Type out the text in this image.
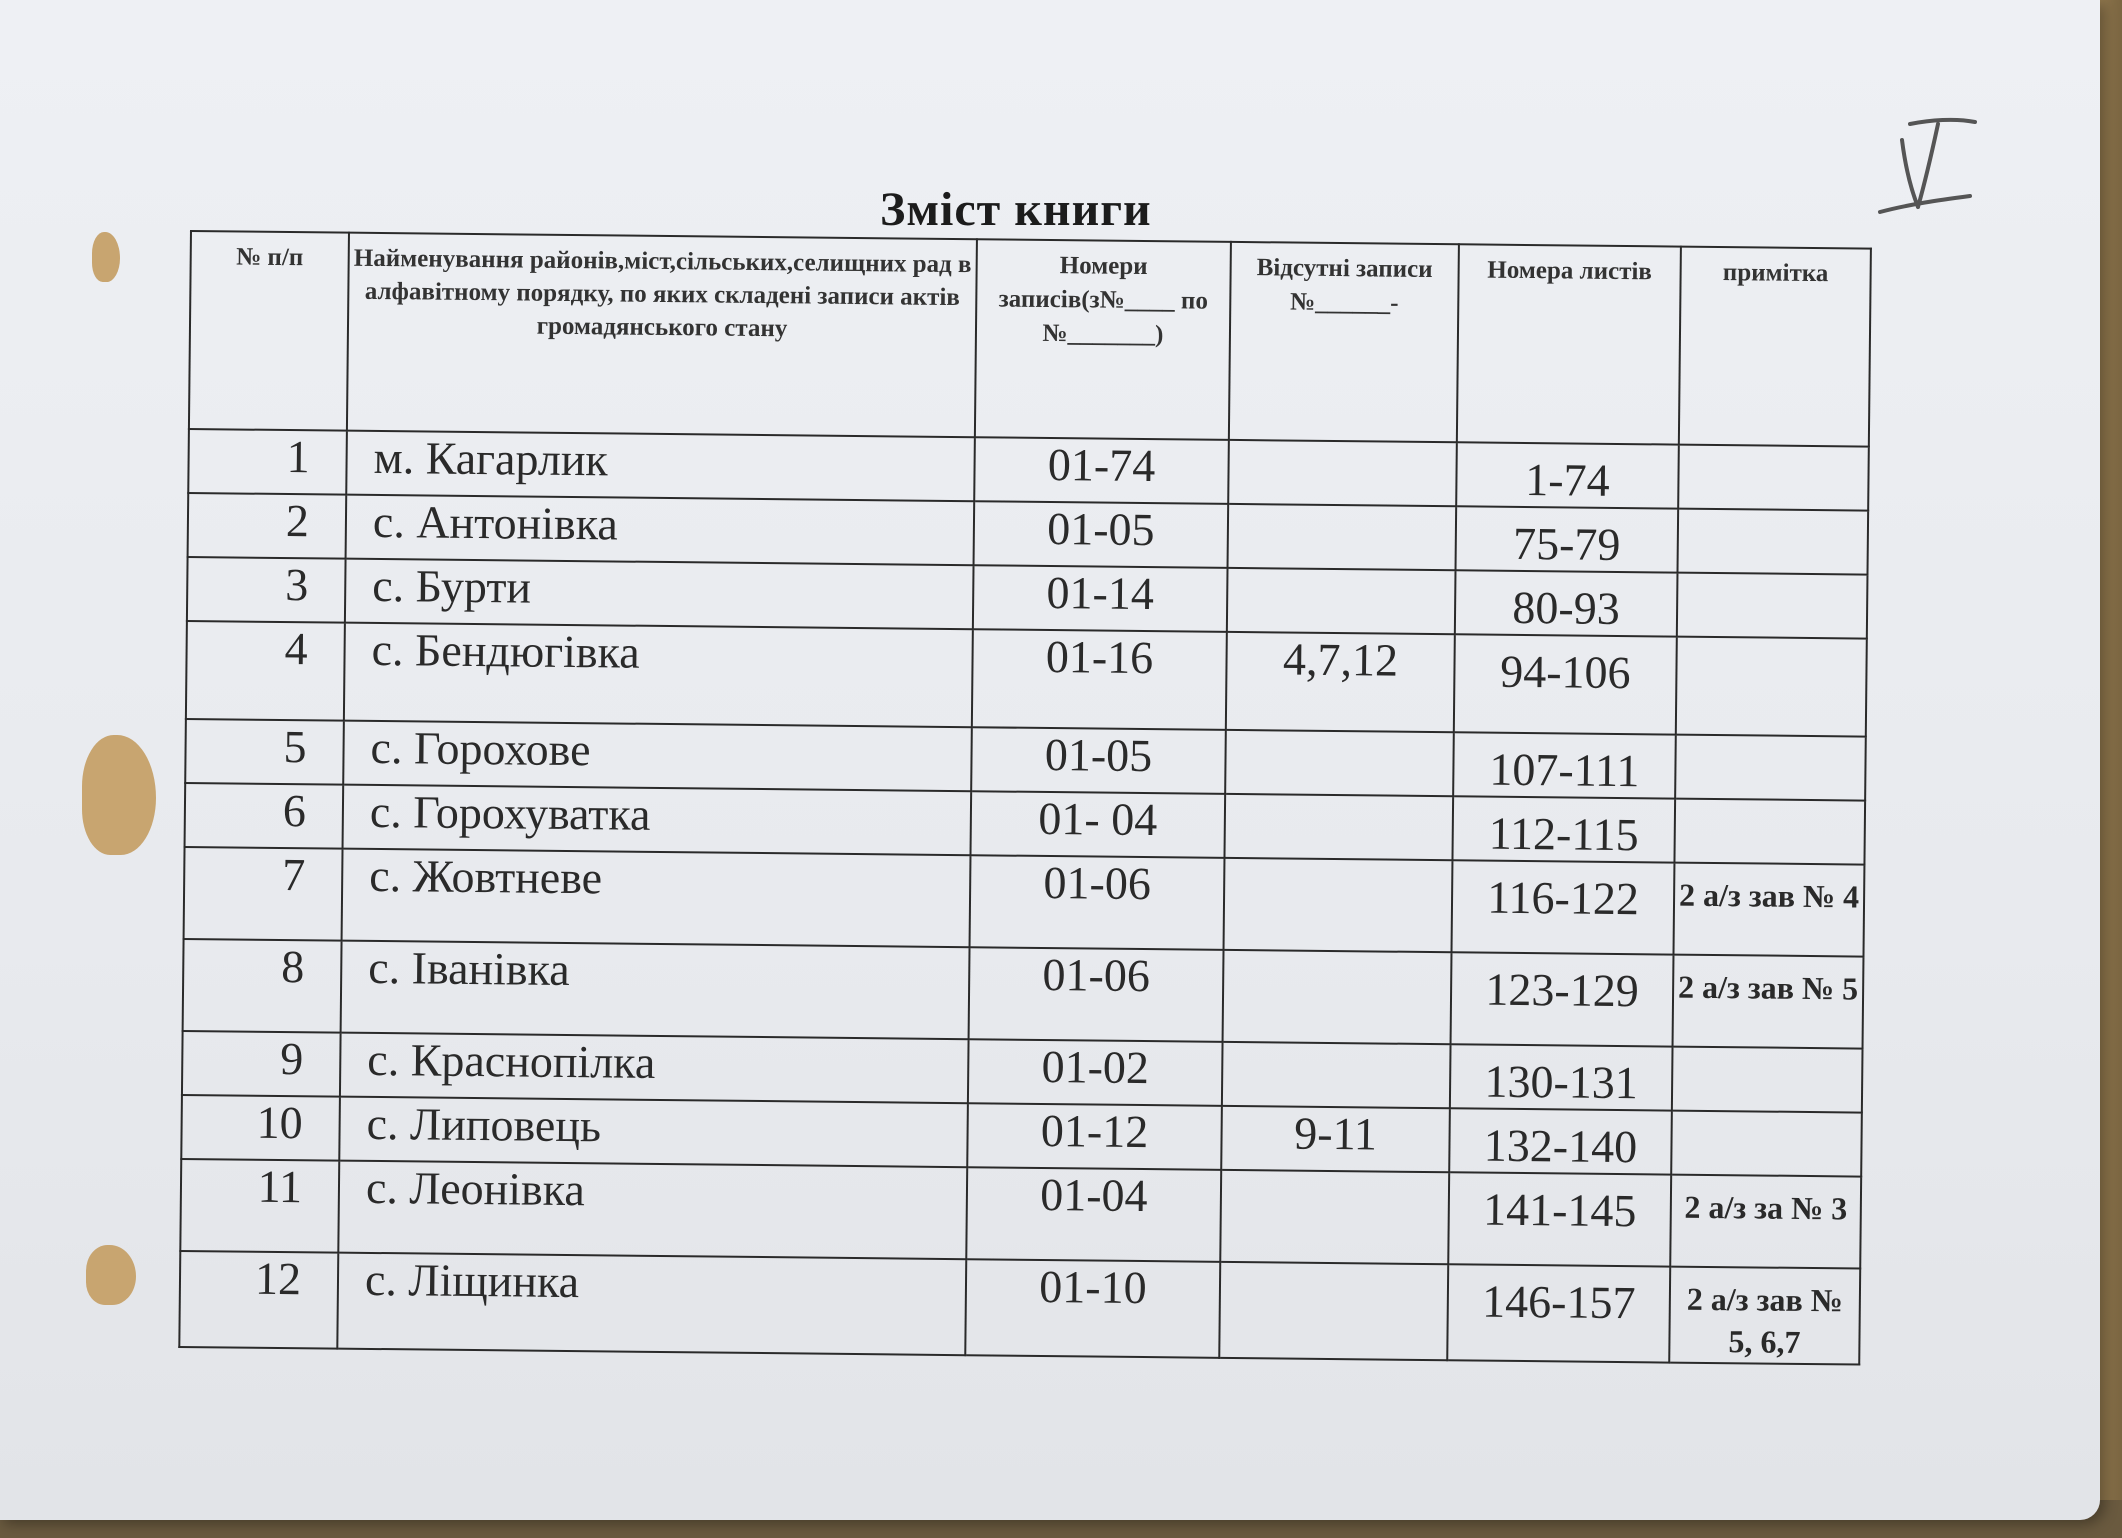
Зміст книги
№ п/п	Найменування районів,міст,сільських,селищних рад в алфавітному порядку, по яких складені записи актів громадянського стану	Номери записів(з№____ по №_______)	Відсутні записи №______-	Номера листів	примітка
1	м. Кагарлик	01-74		1-74	
2	с. Антонівка	01-05		75-79	
3	с. Бурти	01-14		80-93	
4	с. Бендюгівка	01-16	4,7,12	94-106	
5	с. Горохове	01-05		107-111	
6	с. Горохуватка	01- 04		112-115	
7	с. Жовтневе	01-06		116-122	2 а/з зав № 4
8	с. Іванівка	01-06		123-129	2 а/з зав № 5
9	с. Краснопілка	01-02		130-131	
10	с. Липовець	01-12	9-11	132-140	
11	с. Леонівка	01-04		141-145	2 а/з за № 3
12	с. Ліщинка	01-10		146-157	2 а/з зав № 5, 6,7
